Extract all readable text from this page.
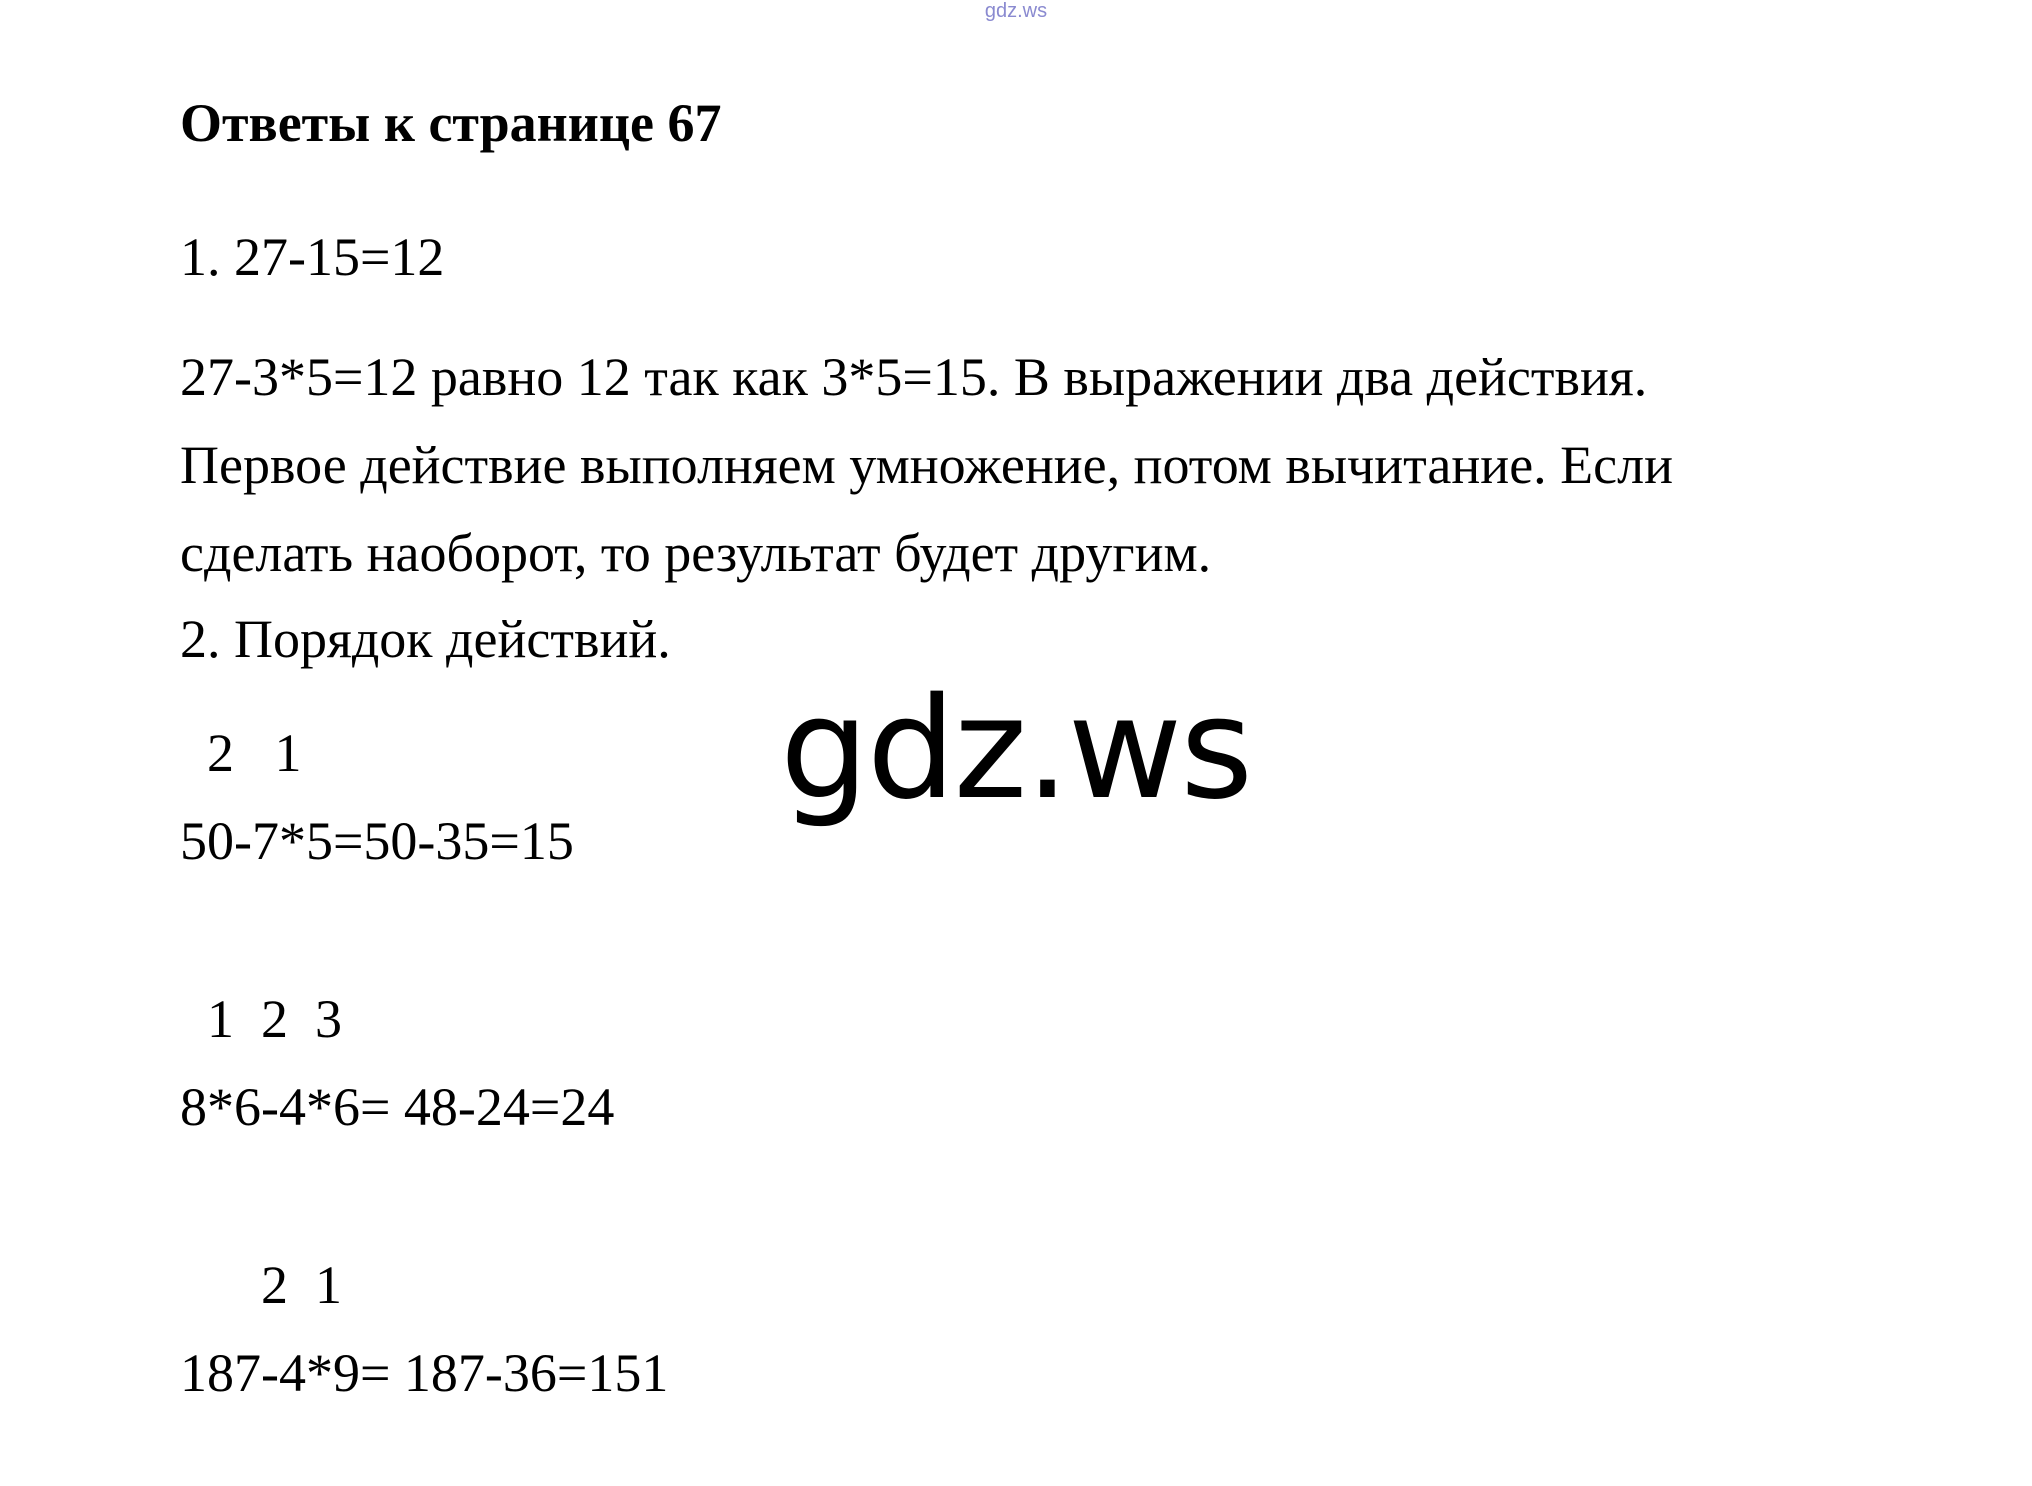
gdz.ws
Ответы к странице 67
1. 27-15=12
27-3*5=12 равно 12 так как 3*5=15. В выражении два действия.
Первое действие выполняем умножение, потом вычитание. Если
сделать наоборот, то результат будет другим.
2. Порядок действий.
2   1
50-7*5=50-35=15
1  2  3
8*6-4*6= 48-24=24
2  1
187-4*9= 187-36=151
gdz.ws
